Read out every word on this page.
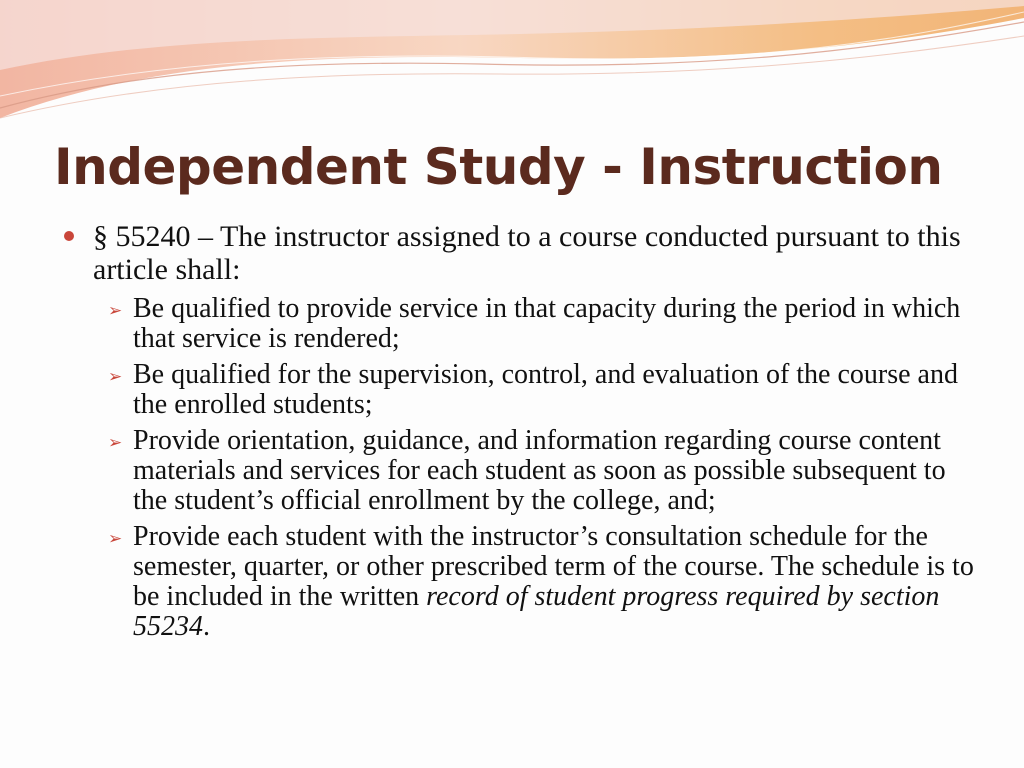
Independent Study - Instruction
§ 55240 – The instructor assigned to a course conducted pursuant to this article shall:
➢ Be qualified to provide service in that capacity during the period in which that service is rendered;
➢ Be qualified for the supervision, control, and evaluation of the course and the enrolled students;
➢ Provide orientation, guidance, and information regarding course content materials and services for each student as soon as possible subsequent to the student’s official enrollment by the college, and;
➢ Provide each student with the instructor’s consultation schedule for the semester, quarter, or other prescribed term of the course. The schedule is to be included in the written record of student progress required by section 55234.
